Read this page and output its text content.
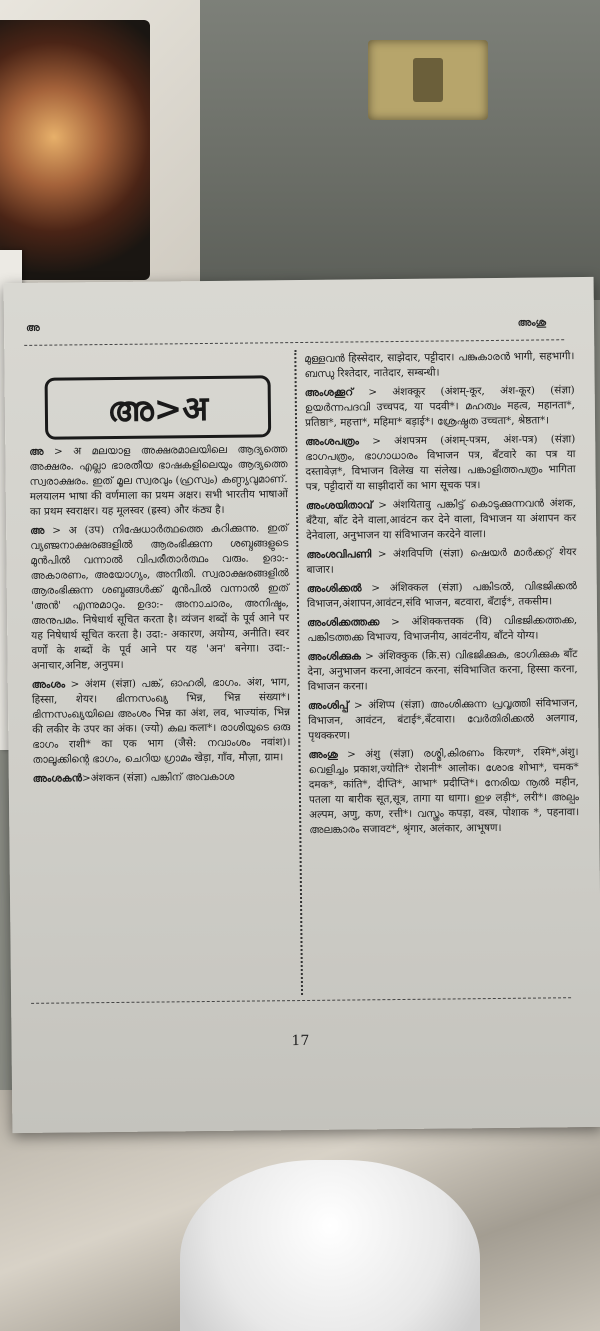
അ	അംശു
അ>अ

അ > अ മലയാള അക്ഷരമാലയിലെ ആദ്യത്തെ അക്ഷരം. എല്ലാ ഭാരതീയ ഭാഷകളിലെയും ആദ്യത്തെ സ്വരാക്ഷരം. ഇത് മൂല സ്വരവും (ഹ്രസ്വം) കണ്ഠ്യവുമാണ്. मलयालम भाषा की वर्णमाला का प्रथम अक्षर। सभी भारतीय भाषाओं का प्रथम स्वराक्षर। यह मूलस्वर (ह्रस्व) और कंठ्य है।

അ > अ (उप) നിഷേധാർത്ഥത്തെ കുറിക്കുന്നു. ഇത് വ്യഞ്ജനാക്ഷരങ്ങളിൽ ആരംഭിക്കുന്ന ശബ്ദങ്ങളുടെ മുൻപിൽ വന്നാൽ വിപരീതാർത്ഥം വരും. ഉദാ:- അകാരണം, അയോഗ്യം, അനീതി. സ്വരാക്ഷരങ്ങളിൽ ആരംഭിക്കുന്ന ശബ്ദങ്ങൾക്ക് മുൻപിൽ വന്നാൽ ഇത് 'അൻ' എന്നുമാറും. ഉദാ:- അനാചാരം, അനിഷ്ടം, അനുപമം. निषेधार्थ सूचित करता है। व्यंजन शब्दों के पूर्व आने पर यह निषेधार्थ सूचित करता है। उदा:- अकारण, अयोग्य, अनीति। स्वर वर्णों के शब्दों के पूर्व आने पर यह 'अन' बनेगा। उदा:- अनाचार,अनिष्ट, अनुपम।

അംശം > अंशम (संज्ञा) പങ്ക്, ഓഹരി, ഭാഗം. अंश, भाग, हिस्सा, शेयर। ഭിന്നസംഖ്യ भिन्न, भिन्न संख्या*। ഭിന്നസംഖ്യയിലെ അംശം भिन्न का अंश, लव, भाज्यांक, भिन्न की लकीर के उपर का अंक। (ज्यो) കല कला*। രാശിയുടെ ഒരു ഭാഗം राशी* का एक भाग (जैसे: നവാംശം नवांश)। താലൂക്കിന്റെ ഭാഗം, ചെറിയ ഗ്രാമം खेड़ा, गाँव, मौज़ा, ग्राम।

അംശകൻ>अंशकन (संज्ञा) പങ്കിന് അവകാശ

മുള്ളവൻ हिस्सेदार, साझेदार, पट्टीदार। പങ്കുകാരൻ भागी, सहभागी। ബന്ധു रिश्तेदार, नातेदार, सम्बन्धी।

അംശക്കൂറ് > अंशक्कूर (अंशम्-कूर, अंश-कूर) (संज्ञा) ഉയർന്നപദവി उच्चपद, या पदवी*। മഹത്വം महत्व, महानता*, प्रतिष्ठा*, महत्ता*, महिमा* बड़ाई*। ശ്രേഷ്ഠത उच्चता*, श्रेष्ठता*।

അംശപത്രം > अंशपत्रम (अंशम्-पत्रम, अंश-पत्र) (संज्ञा) ഭാഗപത്രം, ഭാഗാധാരം विभाजन पत्र, बँटवारे का पत्र या दस्तावेज़*, विभाजन विलेख या संलेख। പങ്കാളിത്തപത്രം भागिता पत्र, पट्टीदारों या साझीदारों का भाग सूचक पत्र।

അംശയിതാവ് > अंशयितावु പങ്കിട്ട് കൊടുക്കുന്നവൻ अंशक, बँटैया, बाँट देने वाला,आवंटन कर देने वाला, विभाजन या अंशापन कर देनेवाला, अनुभाजन या संविभाजन करदेने वाला।

അംശവിപണി > अंशविपणि (संज्ञा) ഷെയർ മാർക്കറ്റ് शेयर बाजार।

അംശിക്കൽ > अंशिक्कल (संज्ञा) പങ്കിടൽ, വിഭജിക്കൽ विभाजन,अंशापन,आवंटन,संवि भाजन, बटवारा, बँटाई*, तकसीम।

അംശിക്കത്തക്ക > अंशिक्कत्तक्क (वि) വിഭജിക്കത്തക്ക, പങ്കിടത്തക്ക विभाज्य, विभाजनीय, आवंटनीय, बाँटने योग्य।

അംശിക്കുക > अंशिक्कुक (क्रि.स) വിഭജിക്കുക, ഭാഗിക്കുക बाँट देना, अनुभाजन करना,आवंटन करना, संविभाजित करना, हिस्सा करना, विभाजन करना।

അംശിപ്പ് > अंशिप्प (संज्ञा) അംശിക്കുന്ന പ്രവൃത്തി संविभाजन, विभाजन, आवंटन, बंटाई*,बँटवारा। വേർതിരിക്കൽ अलगाव, पृथक्करण।

അംശു > अंशु (संज्ञा) രശ്മി,കിരണം किरण*, रश्मि*,अंशु। വെളിച്ചം प्रकाश,ज्योति* रोशनी* आलोक। ശോഭ शोभा*, चमक* दमक*, कांति*, दीप्ति*, आभा* प्रदीप्ति*। നേരിയ നൂൽ महीन, पतला या बारीक सूत,सूत्र, तागा या धागा। ഇഴ लड़ी*, लरी*। അല്പം अल्पम, अणु, कण, रत्ती*। വസ്ത്രം कपड़ा, वस्त्र, पोशाक *, पहनावा। അലങ്കാരം सजावट*, श्रृंगार, अलंकार, आभूषण।

17
